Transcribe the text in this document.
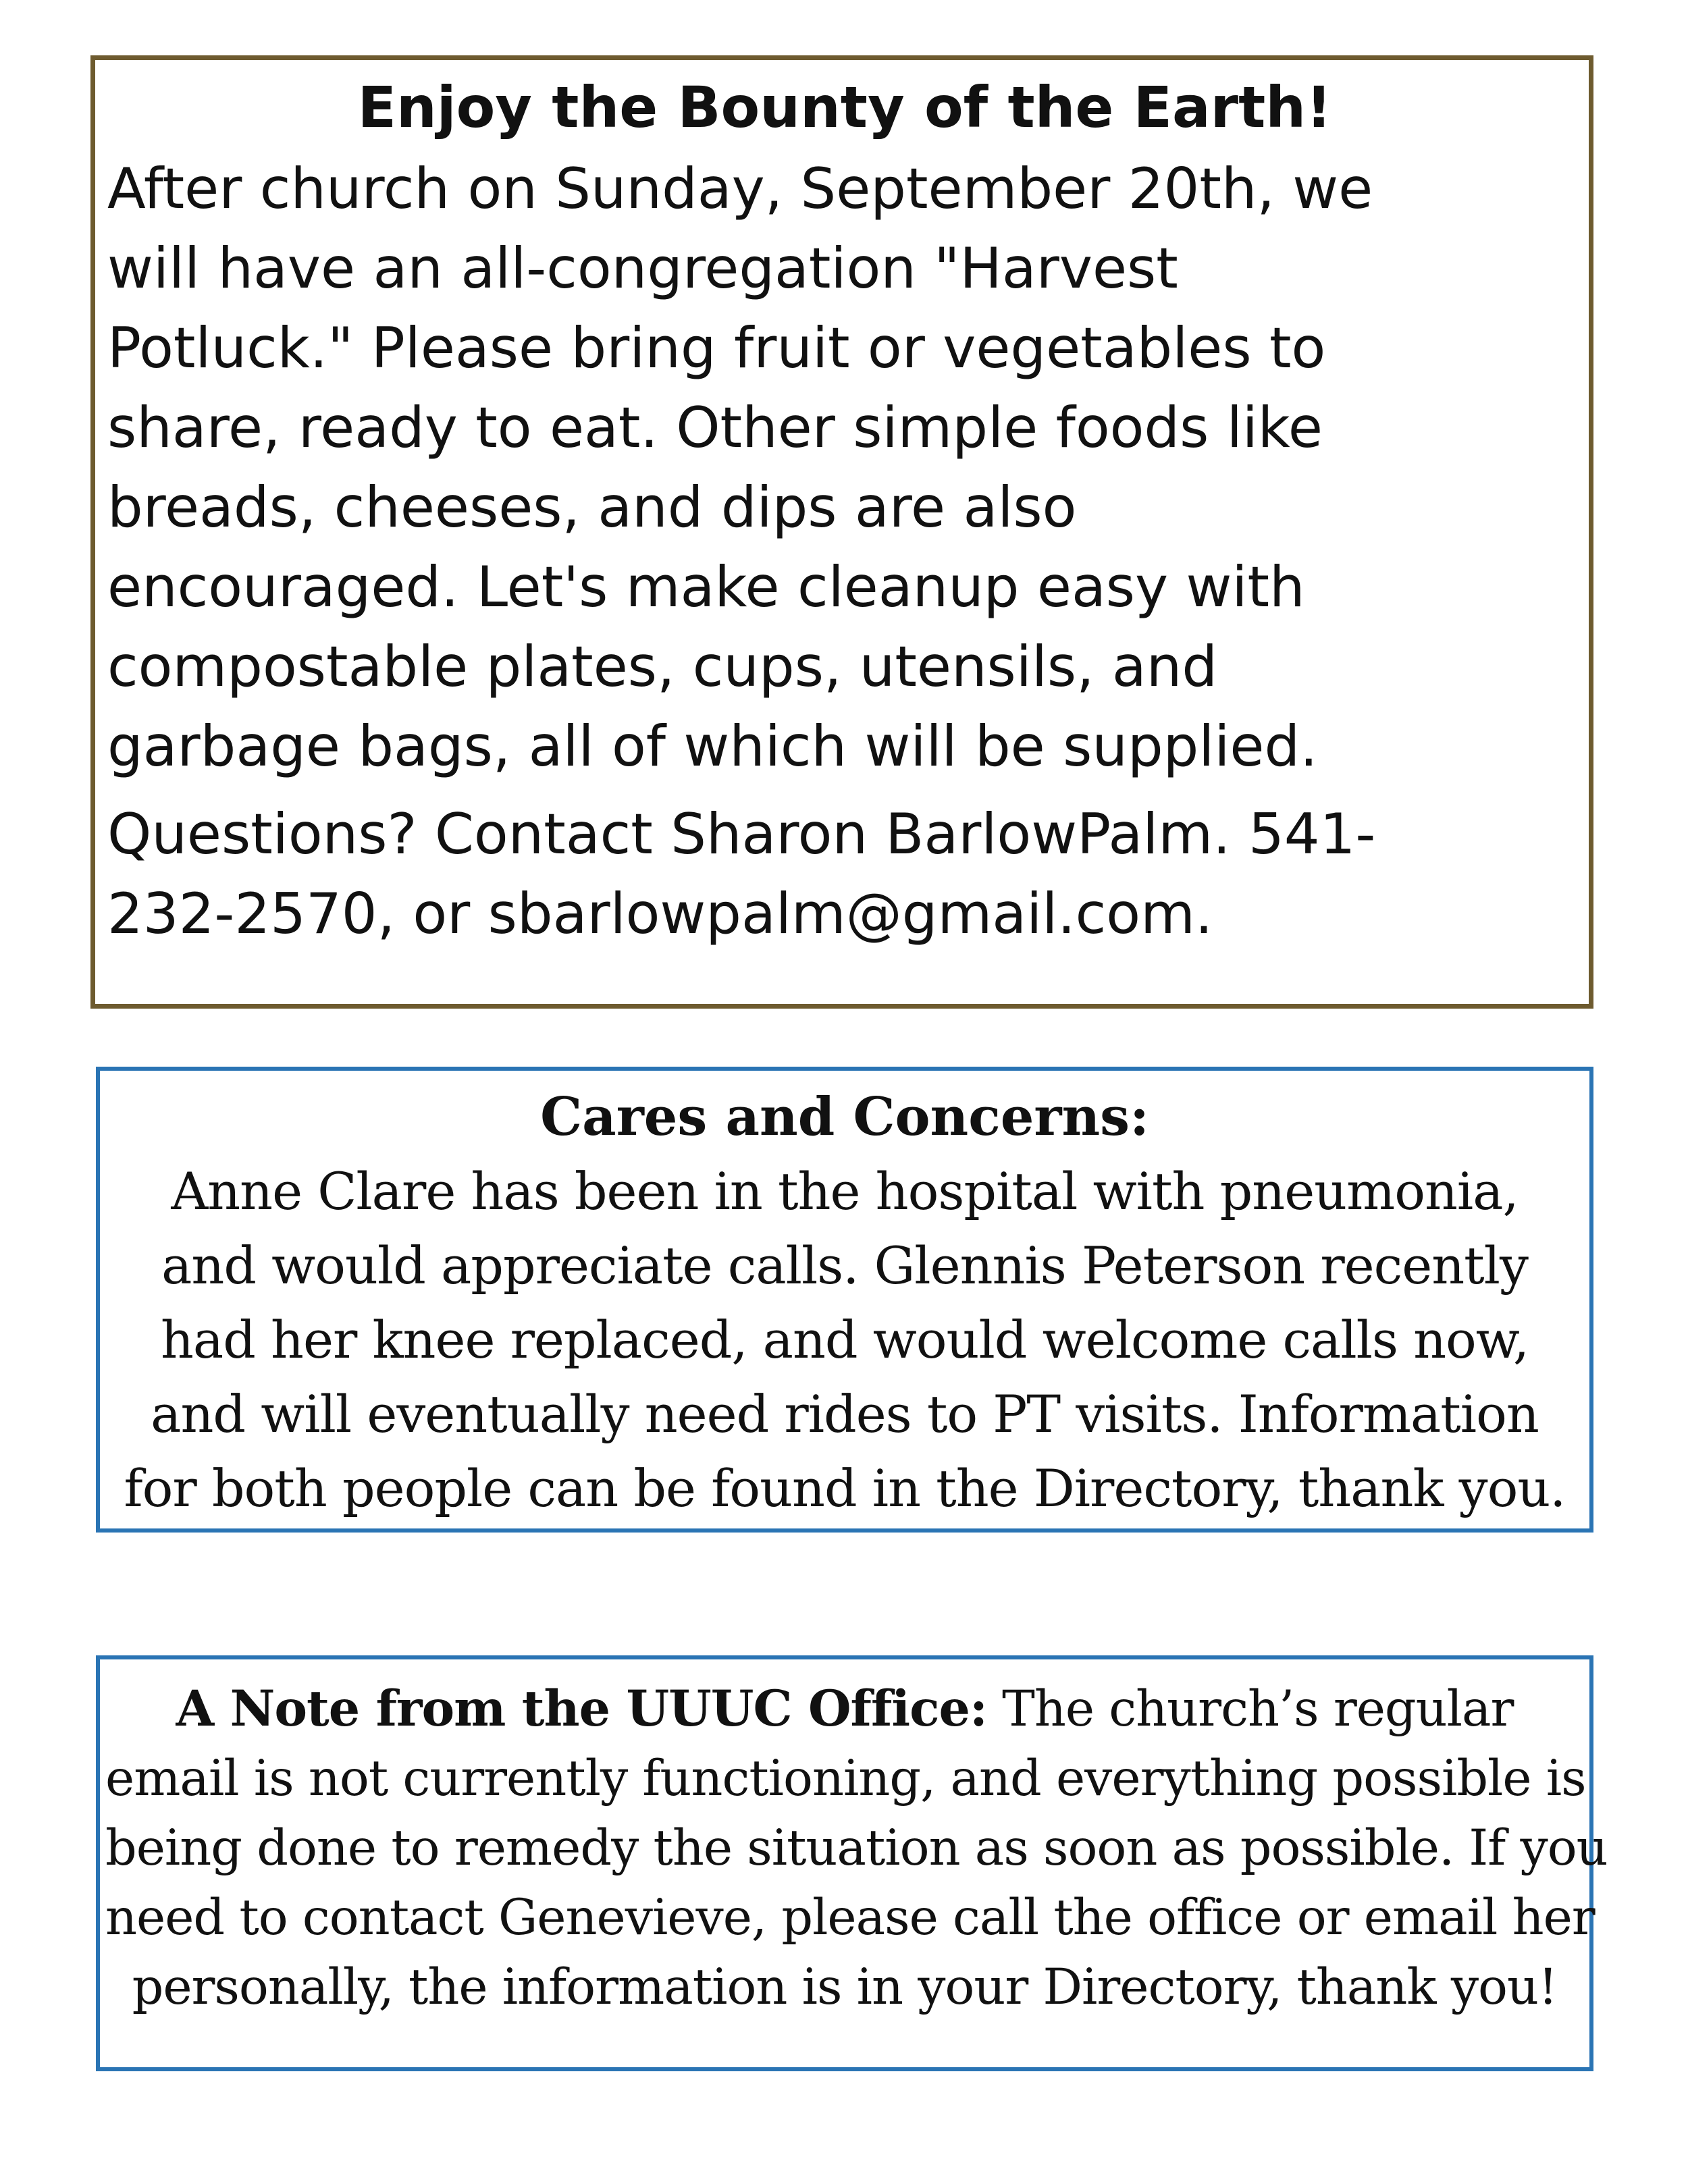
Enjoy the Bounty of the Earth!

After church on Sunday, September 20th, we

will have an all-congregation "Harvest

Potluck." Please bring fruit or vegetables to

share, ready to eat. Other simple foods like

breads, cheeses, and dips are also

encouraged. Let's make cleanup easy with

compostable plates, cups, utensils, and

garbage bags, all of which will be supplied.

Questions? Contact Sharon BarlowPalm. 541-

232-2570, or sbarlowpalm@gmail.com.

Cares and Concerns:

Anne Clare has been in the hospital with pneumonia,

and would appreciate calls. Glennis Peterson recently

had her knee replaced, and would welcome calls now,

and will eventually need rides to PT visits. Information

for both people can be found in the Directory, thank you.

A Note from the UUUC Office: The church’s regular

email is not currently functioning, and everything possible is

being done to remedy the situation as soon as possible. If you

need to contact Genevieve, please call the office or email her

personally, the information is in your Directory, thank you!
